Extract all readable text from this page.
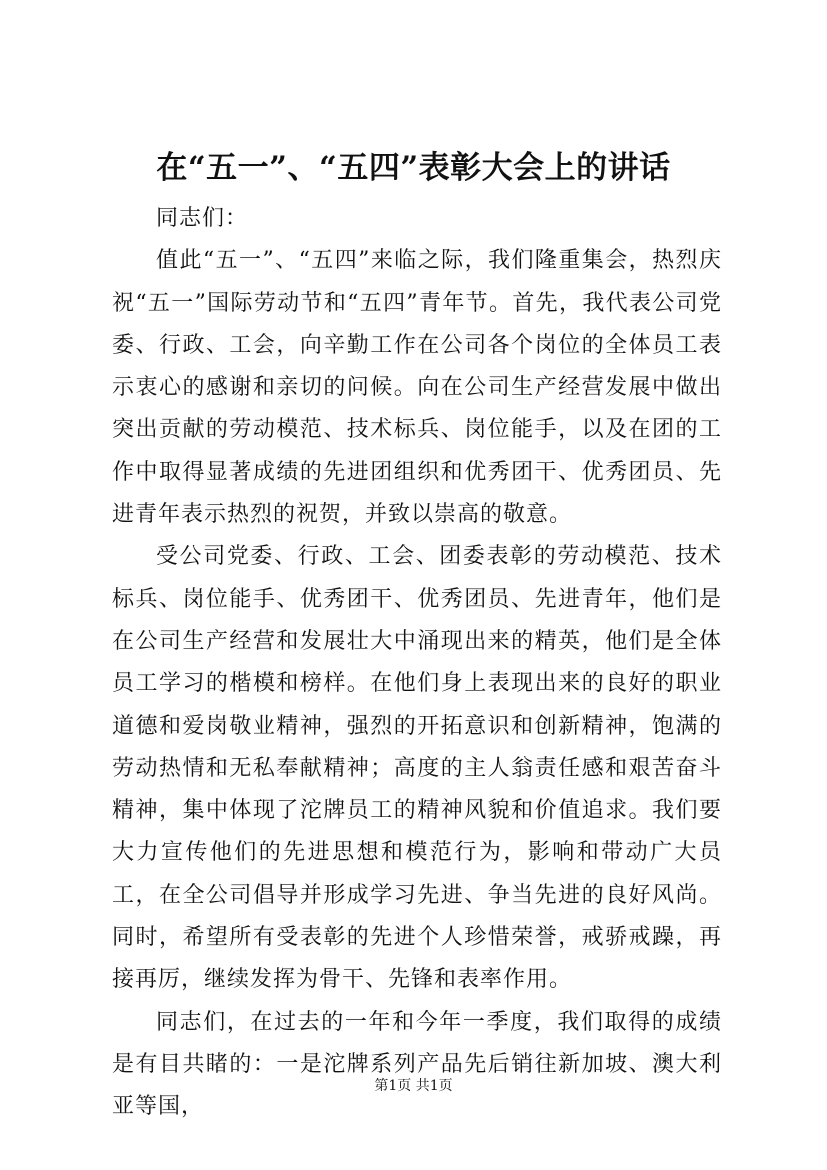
在“五一”、“五四”表彰大会上的讲话

同志们：

值此“五一”、“五四”来临之际，我们隆重集会，热烈庆祝“五一”国际劳动节和“五四”青年节。首先，我代表公司党委、行政、工会，向辛勤工作在公司各个岗位的全体员工表示衷心的感谢和亲切的问候。向在公司生产经营发展中做出突出贡献的劳动模范、技术标兵、岗位能手，以及在团的工作中取得显著成绩的先进团组织和优秀团干、优秀团员、先进青年表示热烈的祝贺，并致以崇高的敬意。

受公司党委、行政、工会、团委表彰的劳动模范、技术标兵、岗位能手、优秀团干、优秀团员、先进青年，他们是在公司生产经营和发展壮大中涌现出来的精英，他们是全体员工学习的楷模和榜样。在他们身上表现出来的良好的职业道德和爱岗敬业精神，强烈的开拓意识和创新精神，饱满的劳动热情和无私奉献精神；高度的主人翁责任感和艰苦奋斗精神，集中体现了沱牌员工的精神风貌和价值追求。我们要大力宣传他们的先进思想和模范行为，影响和带动广大员工，在全公司倡导并形成学习先进、争当先进的良好风尚。同时，希望所有受表彰的先进个人珍惜荣誉，戒骄戒躁，再接再厉，继续发挥为骨干、先锋和表率作用。

同志们，在过去的一年和今年一季度，我们取得的成绩是有目共睹的：一是沱牌系列产品先后销往新加坡、澳大利亚等国，

第1页 共1页
